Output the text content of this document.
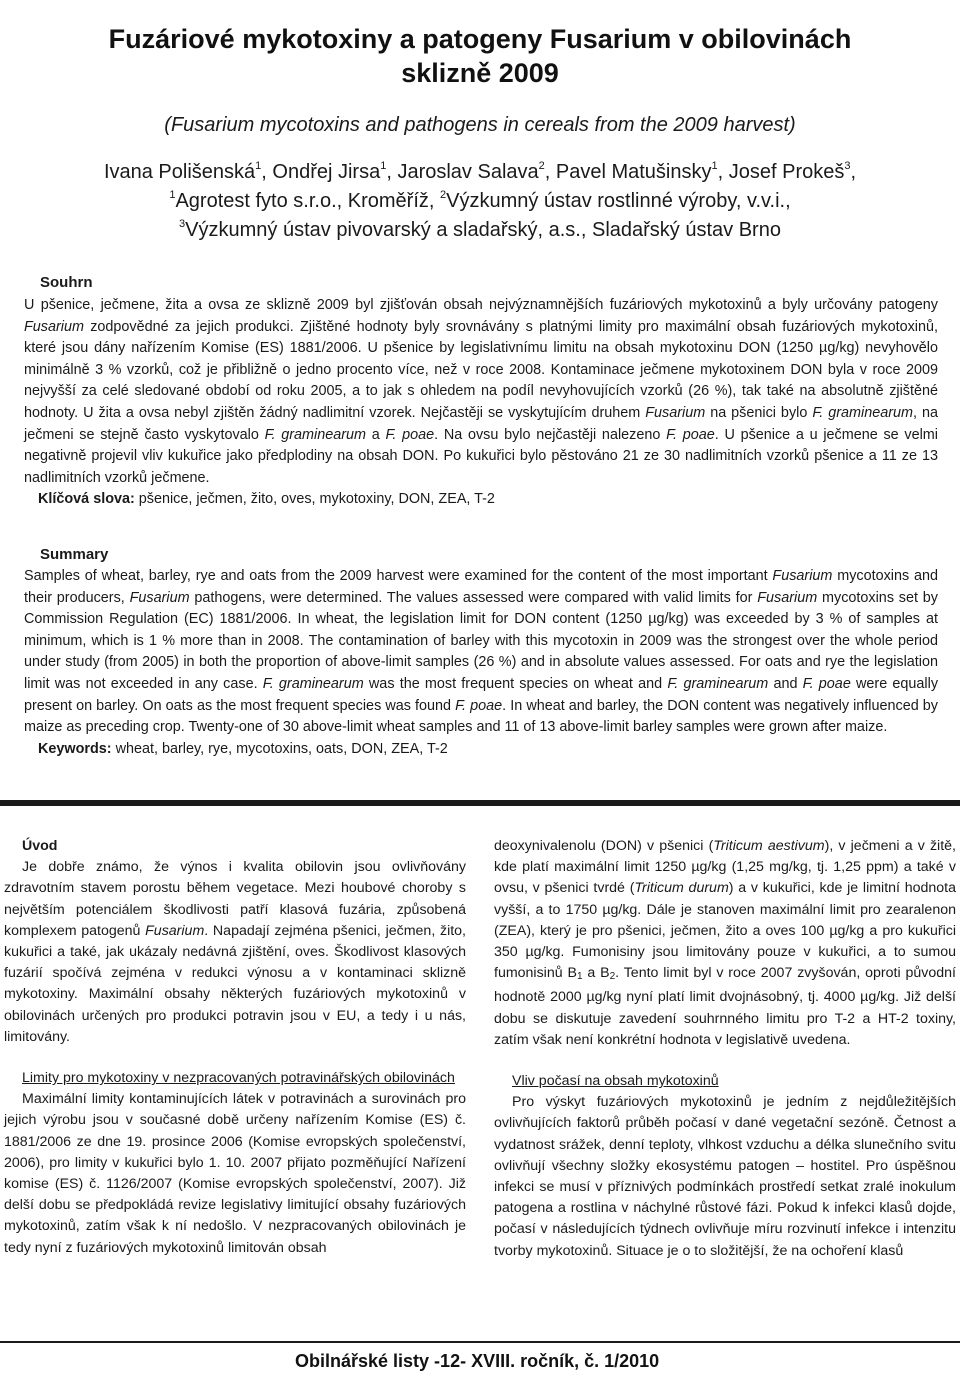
Fuzáriové mykotoxiny a patogeny Fusarium v obilovinách
sklizně 2009
(Fusarium mycotoxins and pathogens in cereals from the 2009 harvest)
Ivana Polišenská$^1$, Ondřej Jirsa$^1$, Jaroslav Salava$^2$, Pavel Matušinsky$^1$, Josef Prokeš$^3$,
$^1$Agrotest fyto s.r.o., Kroměříž, $^2$Výzkumný ústav rostlinné výroby, v.v.i.,
$^3$Výzkumný ústav pivovarský a sladařský, a.s., Sladařský ústav Brno
Souhrn
U pšenice, ječmene, žita a ovsa ze sklizně 2009 byl zjišťován obsah nejvýznamnějších fuzáriových mykotoxinů a byly určovány patogeny Fusarium zodpovědné za jejich produkci. Zjištěné hodnoty byly srovnávány s platnými limity pro maximální obsah fuzáriových mykotoxinů, které jsou dány nařízením Komise (ES) 1881/2006. U pšenice by legislativnímu limitu na obsah mykotoxinu DON (1250 µg/kg) nevyhovělo minimálně 3 % vzorků, což je přibližně o jedno procento více, než v roce 2008. Kontaminace ječmene mykotoxinem DON byla v roce 2009 nejvyšší za celé sledované období od roku 2005, a to jak s ohledem na podíl nevyhovujících vzorků (26 %), tak také na absolutně zjištěné hodnoty. U žita a ovsa nebyl zjištěn žádný nadlimitní vzorek. Nejčastěji se vyskytujícím druhem Fusarium na pšenici bylo F. graminearum, na ječmeni se stejně často vyskytovalo F. graminearum a F. poae. Na ovsu bylo nejčastěji nalezeno F. poae. U pšenice a u ječmene se velmi negativně projevil vliv kukuřice jako předplodiny na obsah DON. Po kukuřici bylo pěstováno 21 ze 30 nadlimitních vzorků pšenice a 11 ze 13 nadlimitních vzorků ječmene.
Klíčová slova: pšenice, ječmen, žito, oves, mykotoxiny, DON, ZEA, T-2
Summary
Samples of wheat, barley, rye and oats from the 2009 harvest were examined for the content of the most important Fusarium mycotoxins and their producers, Fusarium pathogens, were determined. The values assessed were compared with valid limits for Fusarium mycotoxins set by Commission Regulation (EC) 1881/2006. In wheat, the legislation limit for DON content (1250 µg/kg) was exceeded by 3 % of samples at minimum, which is 1 % more than in 2008. The contamination of barley with this mycotoxin in 2009 was the strongest over the whole period under study (from 2005) in both the proportion of above-limit samples (26 %) and in absolute values assessed. For oats and rye the legislation limit was not exceeded in any case. F. graminearum was the most frequent species on wheat and F. graminearum and F. poae were equally present on barley. On oats as the most frequent species was found F. poae. In wheat and barley, the DON content was negatively influenced by maize as preceding crop. Twenty-one of 30 above-limit wheat samples and 11 of 13 above-limit barley samples were grown after maize.
Keywords: wheat, barley, rye, mycotoxins, oats, DON, ZEA, T-2
Úvod

Je dobře známo, že výnos i kvalita obilovin jsou ovlivňovány zdravotním stavem porostu během vegetace. Mezi houbové choroby s největším potenciálem škodlivosti patří klasová fuzária, způsobená komplexem patogenů Fusarium. Napadají zejména pšenici, ječmen, žito, kukuřici a také, jak ukázaly nedávná zjištění, oves. Škodlivost klasových fuzárií spočívá zejména v redukci výnosu a v kontaminaci sklizně mykotoxiny. Maximální obsahy některých fuzáriových mykotoxinů v obilovinách určených pro produkci potravin jsou v EU, a tedy i u nás, limitovány.

Limity pro mykotoxiny v nezpracovaných potravinářských obilovinách

Maximální limity kontaminujících látek v potravinách a surovinách pro jejich výrobu jsou v současné době určeny nařízením Komise (ES) č. 1881/2006 ze dne 19. prosince 2006 (Komise evropských společenství, 2006), pro limity v kukuřici bylo 1. 10. 2007 přijato pozměňující Nařízení komise (ES) č. 1126/2007 (Komise evropských společenství, 2007). Již delší dobu se předpokládá revize legislativy limitující obsahy fuzáriových mykotoxinů, zatím však k ní nedošlo. V nezpracovaných obilovinách je tedy nyní z fuzáriových mykotoxinů limitován obsah

deoxynivalenolu (DON) v pšenici (Triticum aestivum), v ječmeni a v žitě, kde platí maximální limit 1250 µg/kg (1,25 mg/kg, tj. 1,25 ppm) a také v ovsu, v pšenici tvrdé (Triticum durum) a v kukuřici, kde je limitní hodnota vyšší, a to 1750 µg/kg. Dále je stanoven maximální limit pro zearalenon (ZEA), který je pro pšenici, ječmen, žito a oves 100 µg/kg a pro kukuřici 350 µg/kg. Fumonisiny jsou limitovány pouze v kukuřici, a to sumou fumonisinů $B_1$ a $B_2$. Tento limit byl v roce 2007 zvyšován, oproti původní hodnotě 2000 µg/kg nyní platí limit dvojnásobný, tj. 4000 µg/kg. Již delší dobu se diskutuje zavedení souhrnného limitu pro T-2 a HT-2 toxiny, zatím však není konkrétní hodnota v legislativě uvedena.

Vliv počasí na obsah mykotoxinů

Pro výskyt fuzáriových mykotoxinů je jedním z nejdůležitějších ovlivňujících faktorů průběh počasí v dané vegetační sezóně. Četnost a vydatnost srážek, denní teploty, vlhkost vzduchu a délka slunečního svitu ovlivňují všechny složky ekosystému patogen – hostitel. Pro úspěšnou infekci se musí v příznivých podmínkách prostředí setkat zralé inokulum patogena a rostlina v náchylné růstové fázi. Pokud k infekci klasů dojde, počasí v následujících týdnech ovlivňuje míru rozvinutí infekce i intenzitu tvorby mykotoxinů. Situace je o to složitější, že na ochoření klasů

Obilnářské listy -12- XVIII. ročník, č. 1/2010
